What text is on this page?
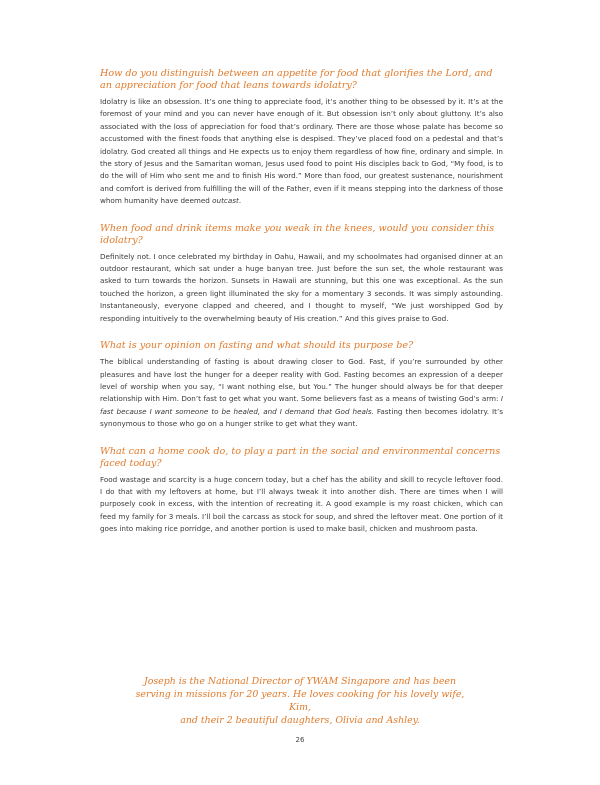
How do you distinguish between an appetite for food that glorifies the Lord, and an appreciation for food that leans towards idolatry?

Idolatry is like an obsession. It’s one thing to appreciate food, it’s another thing to be obsessed by it. It’s at the foremost of your mind and you can never have enough of it. But obsession isn’t only about gluttony. It’s also associated with the loss of appreciation for food that’s ordinary. There are those whose palate has become so accustomed with the finest foods that anything else is despised. They’ve placed food on a pedestal and that’s idolatry. God created all things and He expects us to enjoy them regardless of how fine, ordinary and simple. In the story of Jesus and the Samaritan woman, Jesus used food to point His disciples back to God, “My food, is to do the will of Him who sent me and to finish His word.” More than food, our greatest sustenance, nourishment and comfort is derived from fulfilling the will of the Father, even if it means stepping into the darkness of those whom humanity have deemed outcast.

When food and drink items make you weak in the knees, would you consider this idolatry?

Definitely not. I once celebrated my birthday in Oahu, Hawaii, and my schoolmates had organised dinner at an outdoor restaurant, which sat under a huge banyan tree. Just before the sun set, the whole restaurant was asked to turn towards the horizon. Sunsets in Hawaii are stunning, but this one was exceptional. As the sun touched the horizon, a green light illuminated the sky for a momentary 3 seconds. It was simply astounding. Instantaneously, everyone clapped and cheered, and I thought to myself, “We just worshipped God by responding intuitively to the overwhelming beauty of His creation.” And this gives praise to God.

What is your opinion on fasting and what should its purpose be?

The biblical understanding of fasting is about drawing closer to God. Fast, if you’re surrounded by other pleasures and have lost the hunger for a deeper reality with God. Fasting becomes an expression of a deeper level of worship when you say, “I want nothing else, but You.” The hunger should always be for that deeper relationship with Him. Don’t fast to get what you want. Some believers fast as a means of twisting God’s arm: I fast because I want someone to be healed, and I demand that God heals. Fasting then becomes idolatry. It’s synonymous to those who go on a hunger strike to get what they want.

What can a home cook do, to play a part in the social and environmental concerns faced today?

Food wastage and scarcity is a huge concern today, but a chef has the ability and skill to recycle leftover food. I do that with my leftovers at home, but I’ll always tweak it into another dish. There are times when I will purposely cook in excess, with the intention of recreating it. A good example is my roast chicken, which can feed my family for 3 meals. I’ll boil the carcass as stock for soup, and shred the leftover meat. One portion of it goes into making rice porridge, and another portion is used to make basil, chicken and mushroom pasta.

Joseph is the National Director of YWAM Singapore and has been
serving in missions for 20 years. He loves cooking for his lovely wife, Kim,
and their 2 beautiful daughters, Olivia and Ashley.
26
